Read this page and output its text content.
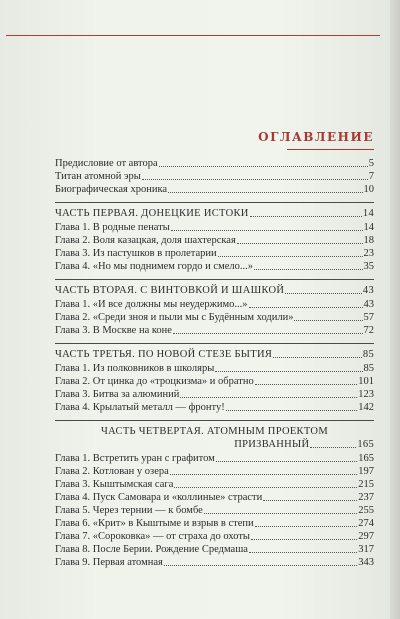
ОГЛАВЛЕНИЕ
Предисловие от автора	5
Титан атомной эры	7
Биографическая хроника	10
ЧАСТЬ ПЕРВАЯ. ДОНЕЦКИЕ ИСТОКИ	14
Глава 1. В родные пенаты	14
Глава 2. Воля казацкая, доля шахтерская	18
Глава 3. Из пастушков в пролетарии	23
Глава 4. «Но мы поднимем гордо и смело...»	35
ЧАСТЬ ВТОРАЯ. С ВИНТОВКОЙ И ШАШКОЙ	43
Глава 1. «И все должны мы неудержимо...»	43
Глава 2. «Среди зноя и пыли мы с Будённым ходили»	57
Глава 3. В Москве на коне	72
ЧАСТЬ ТРЕТЬЯ. ПО НОВОЙ СТЕЗЕ БЫТИЯ	85
Глава 1. Из полковников в школяры	85
Глава 2. От цинка до «троцкизма» и обратно	101
Глава 3. Битва за алюминий	123
Глава 4. Крылатый металл — фронту!	142
ЧАСТЬ ЧЕТВЕРТАЯ. АТОМНЫМ ПРОЕКТОМ
ПРИЗВАННЫЙ	165
Глава 1. Встретить уран с графитом	165
Глава 2. Котлован у озера	197
Глава 3. Кыштымская сага	215
Глава 4. Пуск Самовара и «коллиные» страсти	237
Глава 5. Через тернии — к бомбе	255
Глава 6. «Крит» в Кыштыме и взрыв в степи	274
Глава 7. «Сороковка» — от страха до охоты	297
Глава 8. После Берии. Рождение Средмаша	317
Глава 9. Первая атомная	343
